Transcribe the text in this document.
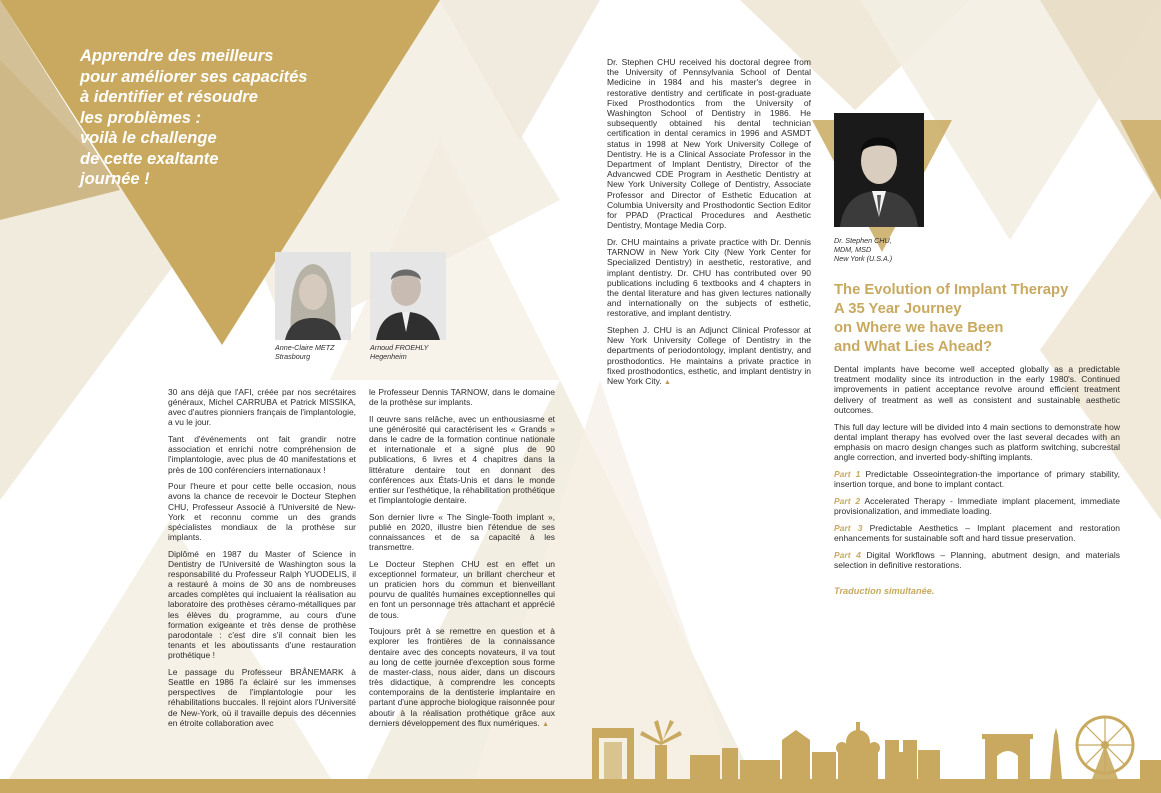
Apprendre des meilleurs
pour améliorer ses capacités
à identifier et résoudre
les problèmes :
voilà le challenge
de cette exaltante
journée !
Anne-Claire METZ
Strasbourg
Arnoud FROEHLY
Hegenheim

30 ans déjà que l'AFI, créée par nos secrétaires généraux, Michel CARRUBA et Patrick MISSIKA, avec d'autres pionniers français de l'implantologie, a vu le jour.

Tant d'événements ont fait grandir notre association et enrichi notre compréhension de l'implantologie, avec plus de 40 manifestations et près de 100 conférenciers internationaux !

Pour l'heure et pour cette belle occasion, nous avons la chance de recevoir le Docteur Stephen CHU, Professeur Associé à l'Université de New-York et reconnu comme un des grands spécialistes mondiaux de la prothèse sur implants.

Diplômé en 1987 du Master of Science in Dentistry de l'Université de Washington sous la responsabilité du Professeur Ralph YUODELIS, il a restauré à moins de 30 ans de nombreuses arcades complètes qui incluaient la réalisation au laboratoire des prothèses céramo-métalliques par les élèves du programme, au cours d'une formation exigeante et très dense de prothèse parodontale : c'est dire s'il connait bien les tenants et les aboutissants d'une restauration prothétique !

Le passage du Professeur BRÅNEMARK à Seattle en 1986 l'a éclairé sur les immenses perspectives de l'implantologie pour les réhabilitations buccales. Il rejoint alors l'Université de New-York, où il travaille depuis des décennies en étroite collaboration avec

le Professeur Dennis TARNOW, dans le domaine de la prothèse sur implants.

Il œuvre sans relâche, avec un enthousiasme et une générosité qui caractérisent les « Grands » dans le cadre de la formation continue nationale et internationale et a signé plus de 90 publications, 6 livres et 4 chapitres dans la littérature dentaire tout en donnant des conférences aux États-Unis et dans le monde entier sur l'esthétique, la réhabilitation prothétique et l'implantologie dentaire.

Son dernier livre « The Single-Tooth implant », publié en 2020, illustre bien l'étendue de ses connaissances et de sa capacité à les transmettre.

Le Docteur Stephen CHU est en effet un exceptionnel formateur, un brillant chercheur et un praticien hors du commun et bienveillant pourvu de qualités humaines exceptionnelles qui en font un personnage très attachant et apprécié de tous.

Toujours prêt à se remettre en question et à explorer les frontières de la connaissance dentaire avec des concepts novateurs, il va tout au long de cette journée d'exception sous forme de master-class, nous aider, dans un discours très didactique, à comprendre les concepts contemporains de la dentisterie implantaire en partant d'une approche biologique raisonnée pour aboutir à la réalisation prothétique grâce aux derniers développement des flux numériques. ▲

Dr. Stephen CHU received his doctoral degree from the University of Pennsylvania School of Dental Medicine in 1984 and his master's degree in restorative dentistry and certificate in post-graduate Fixed Prosthodontics from the University of Washington School of Dentistry in 1986. He subsequently obtained his dental technician certification in dental ceramics in 1996 and ASMDT status in 1998 at New York University College of Dentistry. He is a Clinical Associate Professor in the Department of Implant Dentistry, Director of the Advancwed CDE Program in Aesthetic Dentistry at New York University College of Dentistry, Associate Professor and Director of Esthetic Education at Columbia University and Prosthodontic Section Editor for PPAD (Practical Procedures and Aesthetic Dentistry, Montage Media Corp.

Dr. CHU maintains a private practice with Dr. Dennis TARNOW in New York City (New York Center for Specialized Dentistry) in aesthetic, restorative, and implant dentistry. Dr. CHU has contributed over 90 publications including 6 textbooks and 4 chapters in the dental literature and has given lectures nationally and internationally on the subjects of esthetic, restorative, and implant dentistry.

Stephen J. CHU is an Adjunct Clinical Professor at New York University College of Dentistry in the departments of periodontology, implant dentistry, and prosthodontics. He maintains a private practice in fixed prosthodontics, esthetic, and implant dentistry in New York City. ▲

Dr. Stephen CHU,
MDM, MSD
New York (U.S.A.)
The Evolution of Implant Therapy
A 35 Year Journey
on Where we have Been
and What Lies Ahead?

Dental implants have become well accepted globally as a predictable treatment modality since its introduction in the early 1980's. Continued improvements in patient acceptance revolve around efficient treatment delivery of treatment as well as consistent and sustainable aesthetic outcomes.

This full day lecture will be divided into 4 main sections to demonstrate how dental implant therapy has evolved over the last several decades with an emphasis on macro design changes such as platform switching, subcrestal angle correction, and inverted body-shifting implants.

Part 1 Predictable Osseointegration-the importance of primary stability, insertion torque, and bone to implant contact.

Part 2 Accelerated Therapy - Immediate implant placement, immediate provisionalization, and immediate loading.

Part 3 Predictable Aesthetics – Implant placement and restoration enhancements for sustainable soft and hard tissue preservation.

Part 4 Digital Workflows – Planning, abutment design, and materials selection in definitive restorations.

Traduction simultanée.
